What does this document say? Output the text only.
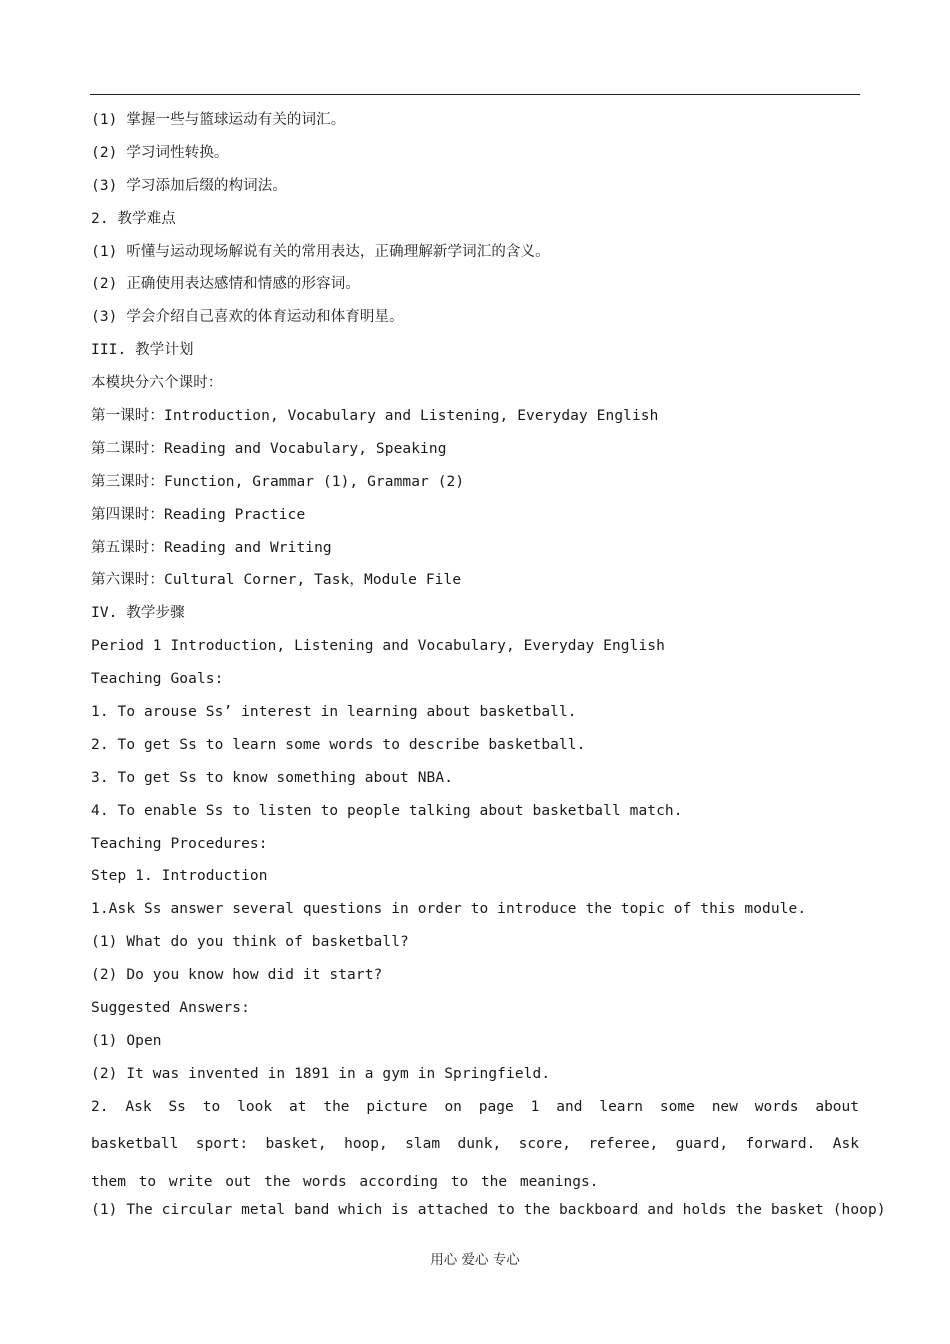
(1) 掌握一些与篮球运动有关的词汇。
(2) 学习词性转换。
(3) 学习添加后缀的构词法。
2. 教学难点
(1) 听懂与运动现场解说有关的常用表达，正确理解新学词汇的含义。
(2) 正确使用表达感情和情感的形容词。
(3) 学会介绍自己喜欢的体育运动和体育明星。
III. 教学计划
本模块分六个课时：
第一课时：Introduction, Vocabulary and Listening, Everyday English
第二课时：Reading and Vocabulary, Speaking
第三课时：Function, Grammar (1), Grammar (2)
第四课时：Reading Practice
第五课时：Reading and Writing
第六课时：Cultural Corner, Task，Module File
IV. 教学步骤
Period 1 Introduction, Listening and Vocabulary, Everyday English
Teaching Goals:
1. To arouse Ss’ interest in learning about basketball.
2. To get Ss to learn some words to describe basketball.
3. To get Ss to know something about NBA.
4. To enable Ss to listen to people talking about basketball match.
Teaching Procedures:
Step 1. Introduction
1.Ask Ss answer several questions in order to introduce the topic of this module.
(1) What do you think of basketball?
(2) Do you know how did it start?
Suggested Answers:
(1) Open
(2) It was invented in 1891 in a gym in Springfield.
2. Ask Ss to look at the picture on page 1 and learn some new words about basketball sport: basket, hoop, slam dunk, score, referee, guard, forward. Ask them to write out the words according to the meanings.
(1) The circular metal band which is attached to the backboard and holds the basket (hoop)
用心 爱心 专心
